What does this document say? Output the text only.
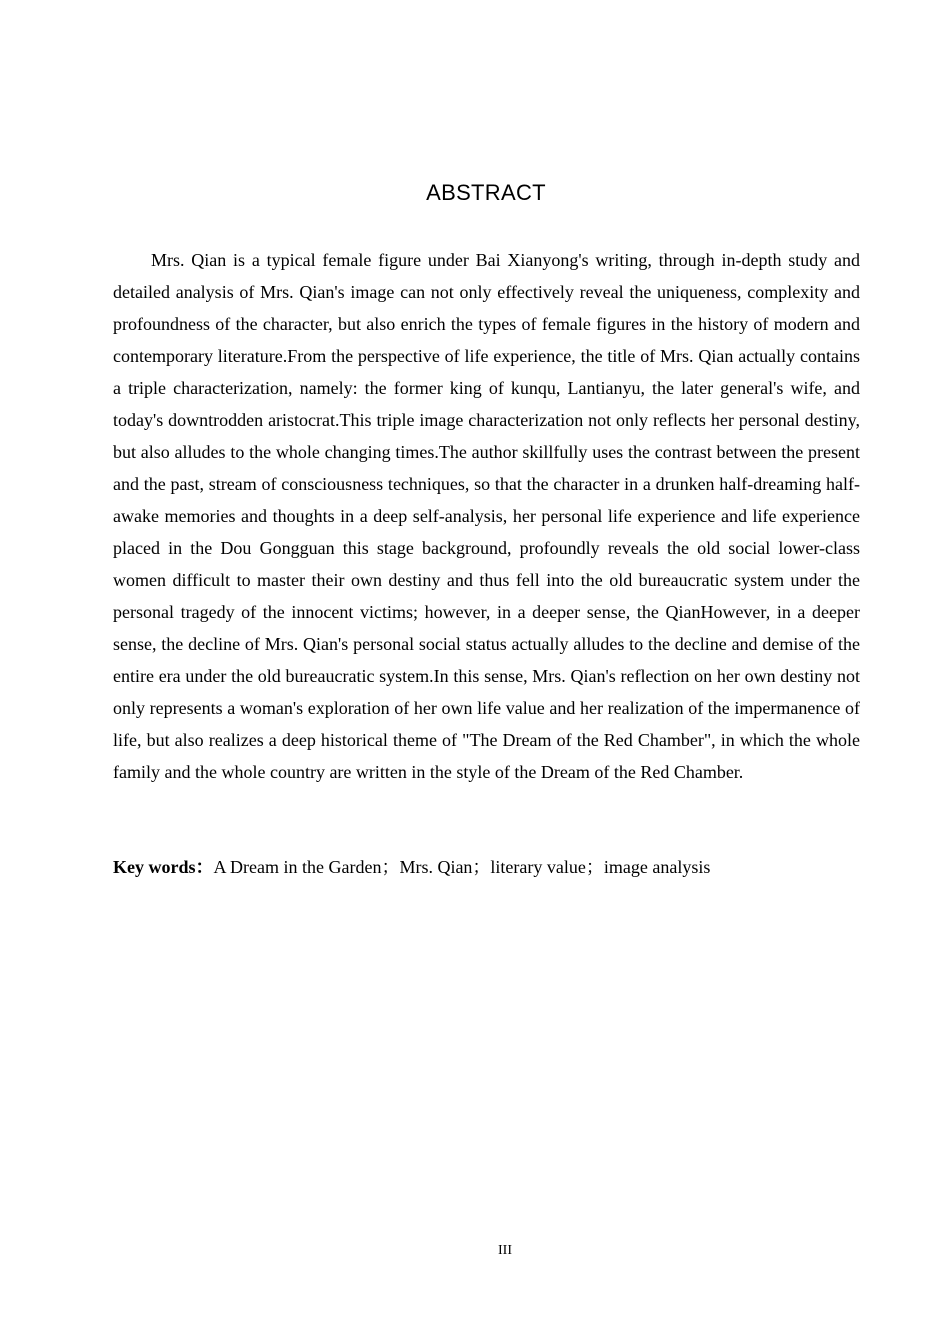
ABSTRACT

Mrs. Qian is a typical female figure under Bai Xianyong's writing, through in-depth study and detailed analysis of Mrs. Qian's image can not only effectively reveal the uniqueness, complexity and profoundness of the character, but also enrich the types of female figures in the history of modern and contemporary literature.From the perspective of life experience, the title of Mrs. Qian actually contains a triple characterization, namely: the former king of kunqu, Lantianyu, the later general's wife, and today's downtrodden aristocrat.This triple image characterization not only reflects her personal destiny, but also alludes to the whole changing times.The author skillfully uses the contrast between the present and the past, stream of consciousness techniques, so that the character in a drunken half-dreaming half-awake memories and thoughts in a deep self-analysis, her personal life experience and life experience placed in the Dou Gongguan this stage background, profoundly reveals the old social lower-class women difficult to master their own destiny and thus fell into the old bureaucratic system under the personal tragedy of the innocent victims; however, in a deeper sense, the QianHowever, in a deeper sense, the decline of Mrs. Qian's personal social status actually alludes to the decline and demise of the entire era under the old bureaucratic system.In this sense, Mrs. Qian's reflection on her own destiny not only represents a woman's exploration of her own life value and her realization of the impermanence of life, but also realizes a deep historical theme of "The Dream of the Red Chamber", in which the whole family and the whole country are written in the style of the Dream of the Red Chamber.

Key words：A Dream in the Garden；Mrs. Qian；literary value；image analysis

III
